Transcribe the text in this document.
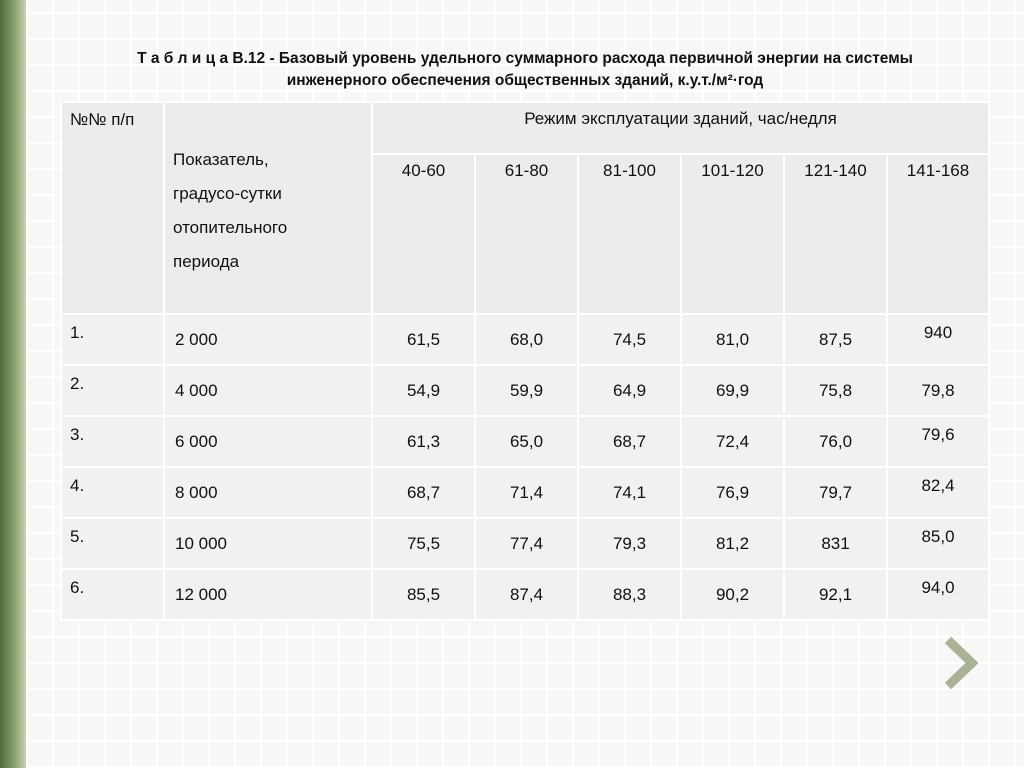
Т а б л и ц а В.12 - Базовый уровень удельного суммарного расхода первичной энергии на системы
инженерного обеспечения общественных зданий, к.у.т./м²·год
№№ п/п	Показатель,
градусо-сутки
отопительного
периода	Режим эксплуатации зданий, час/недля					
		40-60	61-80	81-100	101-120	121-140	141-168
1.	2 000	61,5	68,0	74,5	81,0	87,5	940
2.	4 000	54,9	59,9	64,9	69,9	75,8	79,8
3.	6 000	61,3	65,0	68,7	72,4	76,0	79,6
4.	8 000	68,7	71,4	74,1	76,9	79,7	82,4
5.	10 000	75,5	77,4	79,3	81,2	831	85,0
6.	12 000	85,5	87,4	88,3	90,2	92,1	94,0
